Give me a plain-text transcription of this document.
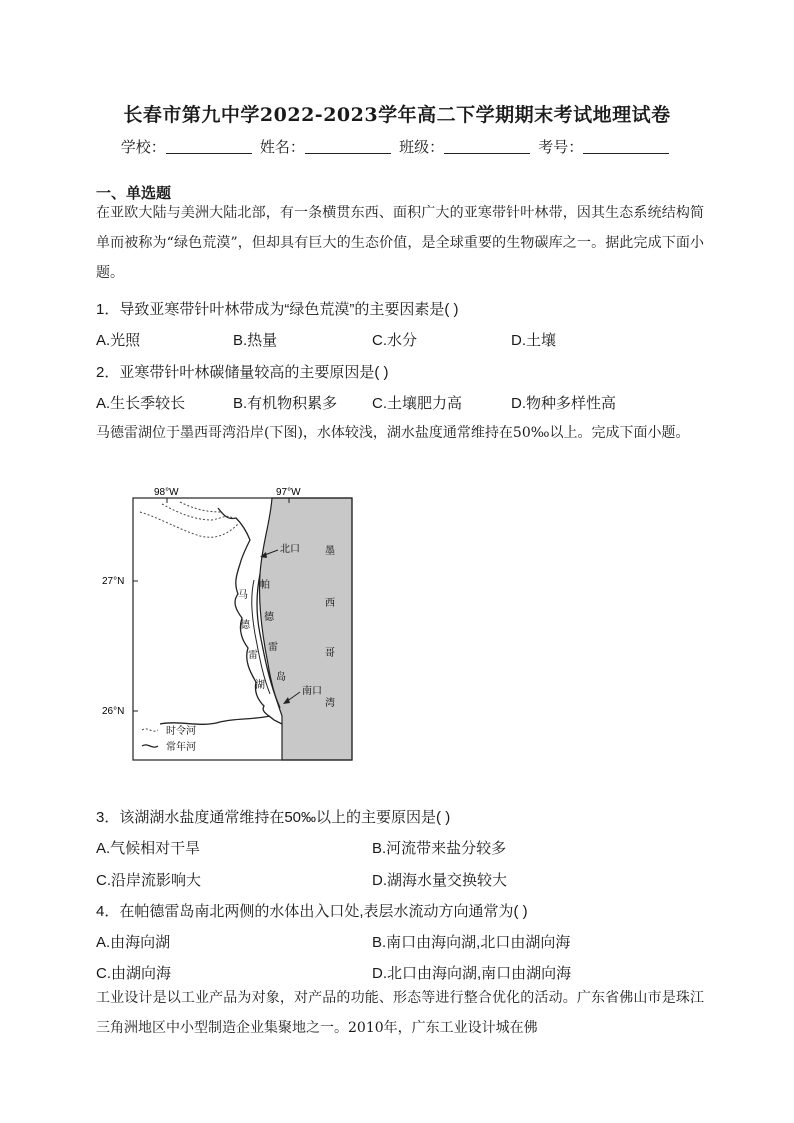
长春市第九中学2022-2023学年高二下学期期末考试地理试卷
学校：	姓名：	班级：	考号：
一、单选题
在亚欧大陆与美洲大陆北部，有一条横贯东西、面积广大的亚寒带针叶林带，因其生态系统结构简单而被称为“绿色荒漠”，但却具有巨大的生态价值，是全球重要的生物碳库之一。据此完成下面小题。
1．导致亚寒带针叶林带成为“绿色荒漠”的主要因素是( )
A.光照	B.热量	C.水分	D.土壤
2．亚寒带针叶林碳储量较高的主要原因是( )
A.生长季较长	B.有机物积累多 C.土壤肥力高	D.物种多样性高
马德雷湖位于墨西哥湾沿岸(下图)，水体较浅，湖水盐度通常维持在50‰以上。完成下面小题。
98°W	97°W
27°N
26°N
北口
南口
墨
西
哥
湾
马
德
雷
湖
帕
德
雷
岛
时令河
常年河
3．该湖湖水盐度通常维持在50‰以上的主要原因是( )
A.气候相对干旱	B.河流带来盐分较多
C.沿岸流影响大	D.湖海水量交换较大
4．在帕德雷岛南北两侧的水体出入口处,表层水流动方向通常为( )
A.由海向湖	B.南口由海向湖,北口由湖向海
C.由湖向海	D.北口由海向湖,南口由湖向海
工业设计是以工业产品为对象，对产品的功能、形态等进行整合优化的活动。广东省佛山市是珠江三角洲地区中小型制造企业集聚地之一。2010年，广东工业设计城在佛
